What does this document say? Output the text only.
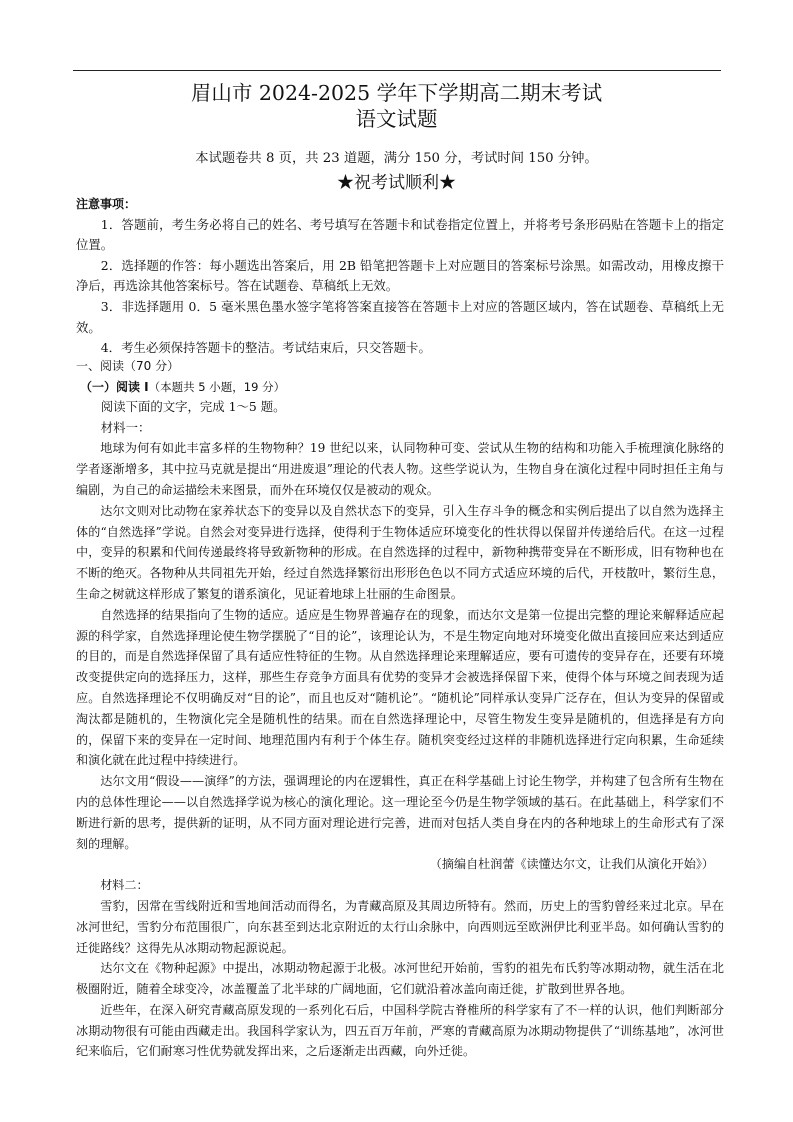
眉山市 2024-2025 学年下学期高二期末考试
语文试题
本试题卷共 8 页，共 23 道题，满分 150 分，考试时间 150 分钟。
★祝考试顺利★
注意事项：

1．答题前，考生务必将自己的姓名、考号填写在答题卡和试卷指定位置上，并将考号条形码贴在答题卡上的指定位置。

2．选择题的作答：每小题选出答案后，用 2B 铅笔把答题卡上对应题目的答案标号涂黑。如需改动，用橡皮擦干净后，再选涂其他答案标号。答在试题卷、草稿纸上无效。

3．非选择题用 0．5 毫米黑色墨水签字笔将答案直接答在答题卡上对应的答题区域内，答在试题卷、草稿纸上无效。

4．考生必须保持答题卡的整洁。考试结束后，只交答题卡。

一、阅读（70 分）
（一）阅读 I（本题共 5 小题，19 分）

阅读下面的文字，完成 1～5 题。

材料一：

地球为何有如此丰富多样的生物物种？19 世纪以来，认同物种可变、尝试从生物的结构和功能入手梳理演化脉络的学者逐渐增多，其中拉马克就是提出“用进废退”理论的代表人物。这些学说认为，生物自身在演化过程中同时担任主角与编剧，为自己的命运描绘未来图景，而外在环境仅仅是被动的观众。

达尔文则对比动物在家养状态下的变异以及自然状态下的变异，引入生存斗争的概念和实例后提出了以自然为选择主体的“自然选择”学说。自然会对变异进行选择，使得利于生物体适应环境变化的性状得以保留并传递给后代。在这一过程中，变异的积累和代间传递最终将导致新物种的形成。在自然选择的过程中，新物种携带变异在不断形成，旧有物种也在不断的绝灭。各物种从共同祖先开始，经过自然选择繁衍出形形色色以不同方式适应环境的后代，开枝散叶，繁衍生息，生命之树就这样形成了繁复的谱系演化，见证着地球上壮丽的生命图景。

自然选择的结果指向了生物的适应。适应是生物界普遍存在的现象，而达尔文是第一位提出完整的理论来解释适应起源的科学家，自然选择理论使生物学摆脱了“目的论”，该理论认为，不是生物定向地对环境变化做出直接回应来达到适应的目的，而是自然选择保留了具有适应性特征的生物。从自然选择理论来理解适应，要有可遗传的变异存在，还要有环境改变提供定向的选择压力，这样，那些生存竞争方面具有优势的变异才会被选择保留下来，使得个体与环境之间表现为适应。自然选择理论不仅明确反对“目的论”，而且也反对“随机论”。“随机论”同样承认变异广泛存在，但认为变异的保留或淘汰都是随机的，生物演化完全是随机性的结果。而在自然选择理论中，尽管生物发生变异是随机的，但选择是有方向的，保留下来的变异在一定时间、地理范围内有利于个体生存。随机突变经过这样的非随机选择进行定向积累，生命延续和演化就在此过程中持续进行。

达尔文用“假设——演绎”的方法，强调理论的内在逻辑性，真正在科学基础上讨论生物学，并构建了包含所有生物在内的总体性理论——以自然选择学说为核心的演化理论。这一理论至今仍是生物学领域的基石。在此基础上，科学家们不断进行新的思考，提供新的证明，从不同方面对理论进行完善，进而对包括人类自身在内的各种地球上的生命形式有了深刻的理解。

（摘编自杜润蕾《读懂达尔文，让我们从演化开始》）

材料二：

雪豹，因常在雪线附近和雪地间活动而得名，为青藏高原及其周边所特有。然而，历史上的雪豹曾经来过北京。早在冰河世纪，雪豹分布范围很广，向东甚至到达北京附近的太行山余脉中，向西则远至欧洲伊比利亚半岛。如何确认雪豹的迁徙路线？这得先从冰期动物起源说起。

达尔文在《物种起源》中提出，冰期动物起源于北极。冰河世纪开始前，雪豹的祖先布氏豹等冰期动物，就生活在北极圈附近，随着全球变冷，冰盖覆盖了北半球的广阔地面，它们就沿着冰盖向南迁徙，扩散到世界各地。

近些年，在深入研究青藏高原发现的一系列化石后，中国科学院古脊椎所的科学家有了不一样的认识，他们判断部分冰期动物很有可能由西藏走出。我国科学家认为，四五百万年前，严寒的青藏高原为冰期动物提供了“训练基地”，冰河世纪来临后，它们耐寒习性优势就发挥出来，之后逐渐走出西藏，向外迁徙。
